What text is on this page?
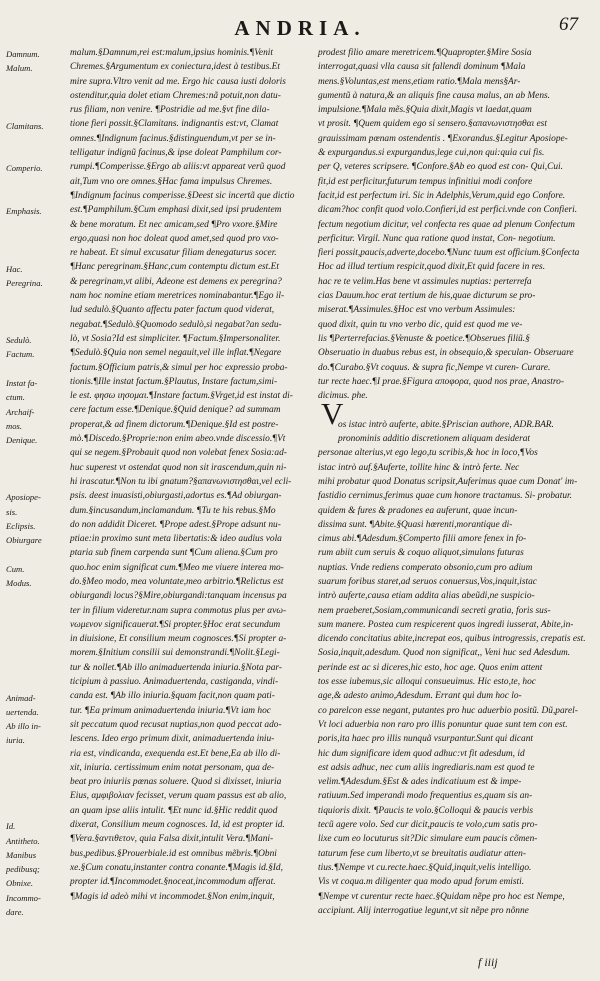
ANDRIA.	67
malum.§Damnum,rei est:malum,ipsius hominis.¶Venit
Chremes.§Argumentum ex coniectura,idest à testibus.Et
mire supra.Vltro venit ad me. Ergo hic causa iusti doloris
ostenditur,quia dolet etiam Chremes:nã potuit,non datu-
rus filiam, non venire. ¶Postridie ad me.§vt fine dila-
tione fieri possit.§Clamitans. indignantis est:vt, Clamat
omnes.¶Indignum facinus.§distinguendum,vt per se in-
telligatur indignũ facinus,& ipse doleat Pamphilum cor-
rumpi.¶Comperisse.§Ergo ab aliis:vt appareat verũ quod
ait,Tum vno ore omnes.§Hac fama impulsus Chremes.
¶Indignum facinus comperisse.§Deest sic incertã que dictio
est.¶Pamphilum.§Cum emphasi dixit,sed ipsi prudentem
& bene moratum. Et nec amicam,sed ¶Pro vxore.§Mire
ergo,quasi non hoc doleat quod amet,sed quod pro vxo-
re habeat. Et simul excusatur filiam denegaturus socer.
¶Hanc peregrinam.§Hanc,cum contemptu dictum est.Et
& peregrinam,vt alibi, Adeone est demens ex peregrina?
nam hoc nomine etiam meretrices nominabantur.¶Ego il-
lud sedulò.§Quanto affectu pater factum quod viderat,
negabat.¶Sedulò.§Quomodo sedulò,si negabat?an sedu-
lò, vt Sosia?Id est simpliciter. ¶Factum.§Impersonaliter.
¶Sedulò.§Quia non semel negauit,vel ille inflat.¶Negare
factum.§Officium patris,& simul per hoc expressio proba-
tionis.¶Ille instat factum.§Plautus, Instare factum,simi-
le est. φησω ιησομαι.¶Instare factum.§Vrget,id est instat di-
cere factum esse.¶Denique.§Quid denique? ad summam
properat,& ad finem dictorum.¶Denique.§Id est postre-
mò.¶Discedo.§Proprie:non enim abeo.vnde discessio.¶Vt
qui se negeт.§Probauit quod non volebat fenex Sosia:ad-
huc superest vt ostendat quod non sit irascendum,quin ni-
hi irascatur.¶Non tu ibi gnatum?§απανωνιστησθαι,vel ecli-
psis. deest inuasisti,obiurgasti,adortus es.¶Ad obiurgan-
dum.§incusandum,inclamandum. ¶Tu te his rebus.§Mo
do non addidit Diceret. ¶Prope adest.§Prope adsunt nu-
ptiae:in proximo sunt meta libertatis:& ideo audius vola
ptaria sub finem carpenda sunt ¶Cum aliena.§Cum pro
quo.hoc enim significat cum.¶Meo me viuere interea mo-
do.§Meo modo, mea voluntate,meo arbitrio.¶Relictus est
obiurgandi locus?§Mire,obiurgandi:tanquam incensus pa
ter in filium videretur.nam supra commotus plus per ανω-
νωμενον significauerat.¶Si propter.§Hoc erat secundum
in diuisione, Et consilium meum cognosces.¶Si propter a-
morem.§Initium consilii sui demonstrandi.¶Nolit.§Legi-
tur & nollet.¶Ab illo animaduertenda iniuria.§Nota par-
ticipium à passiuo. Animaduertenda, castiganda, vindi-
canda est. ¶Ab illo iniuria.§quam facit,non quam pati-
tur. ¶Ea primum animaduertenda iniuria.¶Vt iam hoc
sit peccatum quod recusat nuptias,non quod peccat ado-
lescens. Ideo ergo primum dixit, animaduertenda iniu-
ria est, vindicanda, exequenda est.Et bene,Ea ab illo di-
xit, iniuria. certissimum enim notat personam, qua de-
beat pro iniuriis pœnas soluere. Quod si dixisset, iniuria
Eius, αμφιβολιαν fecisset, verum quam passus est ab alio,
an quam ipse aliis intulit. ¶Et nunc id.§Hic reddit quod
dixerat, Consilium meum cognosces. Id, id est propter id.
¶Vera.§αντιθετον, quia Falsa dixit,intulit Vera.¶Mani-
bus,pedibus.§Prouerbiale.id est omnibus mẽbris.¶Obni
xe.§Cum conatu,instanter contra conante.¶Magis id.§Id,
propter id.¶Incommodet.§noceat,incommodum afferat.
¶Magis id adeò mihi vt incommodet.§Non enim,inquit,
prodest filio amare meretricem.¶Quapropter.§Mire Sosia
interrogat,quasi vlla causa sit fallendi dominum ¶Mala
mens.§Voluntas,est mens,etiam ratio.¶Mala mens§Ar-
gumentũ à natura,& an aliquis fine causa malus, an ab Mens.
impulsione.¶Mala mẽs.§Quia dixit,Magis vt laedat,quam
vt prosit. ¶Quem quidem ego si sensero.§απανωνιστησθαι est
grauissimam pœnam ostendentis . ¶Exorandus.§Legitur Aposiope-
& expurgandus.si expurgandus,lege cui,non qui:quia cui fis.
per Q, veteres scripsere. ¶Confore.§Ab eo quod est con- Qui,Cui.
fit,id est perficitur,futurum tempus infinitiui modi confore
facit,id est perfectum iri. Sic in Adelphis,Verum,quid ego Confore.
dicam?hoc confit quod volo.Confieri,id est perfici.vnde con Confieri.
fectum negotium dicitur, vel confecta res quae ad plenum Confectum
perficitur. Virgil. Nunc qua ratione quod instat, Con- negotium.
fieri possit,paucis,adverte,docebo.¶Nunc tuum est officium.§Confecta
Hoc ad illud tertium respicit,quod dixit,Et quid facere in res.
hac re te velim.Has bene vt assimules nuptias: perterrefa
cias Dauum.hoc erat tertium de his,quae dicturum se pro-
miserat.¶Assimules.§Hoc est vno verbum Assimules:
quod dixit, quin tu vno verbo dic, quid est quod me ve-
lis ¶Perterrefacias.§Venuste & poetice.¶Obserues filiũ.§
Obseruatio in duabus rebus est, in obsequio,& speculan- Obseruare
do.¶Curabo.§Vt coquus. & supra fic,Nempe vt curen- Curare.
tur recte haec.¶I prae.§Figura αποφορα, quod nos prae, Anastro-
dicimus. phe.
os istac intrò auferte, abite.§Priscian authore, ADR.BAR.
pronominis additio discretionem aliquam desiderat
personae alterius,vt ego lego,tu scribis,& hoc in loco,¶Vos
istac intrò auf.§Auferte, tollite hinc & intrò ferte. Nec
mihi probatur quod Donatus scripsit,Auferimus quae cum Donat' im-
fastidio cernimus,ferimus quae cum honore tractamus. Si- probatur.
quidem & fures & pradones ea auferunt, quae incun-
dissima sunt. ¶Abite.§Quasi hœrenti,morantique di-
cimus abi.¶Adesdum.§Comperto filii amore fenex in fo-
rum abiit cum seruis & coquo aliquot,simulans futuras
nuptias. Vnde rediens comperato obsonio,cum pro adium
suarum foribus staret,ad seruos conuersus,Vos,inquit,istac
intrò auferte,causa etiam addita alias abeũdi,ne suspicio-
nem praeberet,Sosiam,communicandi secreti gratia, foris sus-
sum manere. Postea cum respicerent quos ingredi iusserat, Abite,in-
dicendo concitatius abite,increpat eos, quibus introgressis, crepatis est.
Sosia,inquit,adesdum. Quod non significat,, Veni huc sed Adesdum.
perinde est ac si diceres,hic esto, hoc age. Quos enim attent
tos esse iubemus,sic alloqui consueuimus. Hic esto,te, hoc
age,& adesto animo,Adesdum. Errant qui dum hoc lo-
co parelcon esse negant, putantes pro huc aduerbio positũ. Dũ,parel-
Vt loci aduerbia non raro pro illis ponuntur quae sunt tem con est.
poris,ita haec pro illis nunquã vsurpantur.Sunt qui dicant
hic dum significare idem quod adhuc:vt fit adesdum, id
est adsis adhuc, nec cum aliis ingrediaris.nam est quod te
velim.¶Adesdum.§Est & ades indicatiuum est & impe-
ratiuum.Sed imperandi modo frequentius es,quam sis an-
tiquioris dixit. ¶Paucis te volo.§Colloqui & paucis verbis
tecũ agere volo. Sed cur dicit,paucis te volo,cum satis pro-
lixe cum eo locuturus sit?Dic simulare eum paucis cõmen-
taturum fese cum liberto,vt se breuitatis audiatur atten-
tius.¶Nempe vt cu.recte.haec.§Quid,inquit,velis intelligo.
Vis vt coqua.m diligenter qua modo apud forum emisti.
¶Nempe vt curentur recte haec.§Quidam nẽpe pro hoc est Nempe,
accipiunt. Alij interrogatiue legunt,vt sit nẽpe pro nõnne
V
Damnum.
Malum.
Clamitans.
Comperio.
Emphasis.
Hac.
Peregrina.
Sedulò.
Factum.
Instat fa-
ctum.
Archaif-
mos.
Denique.
Aposiope-
sis.
Eclipsis.
Obiurgare
Cum.
Modus.
Animad-
uertenda.
Ab illo in-
iuria.
Id.
Antitheto.
Manibus
pedibusq;
Obnixe.
Incommo-
dare.
f iiij
